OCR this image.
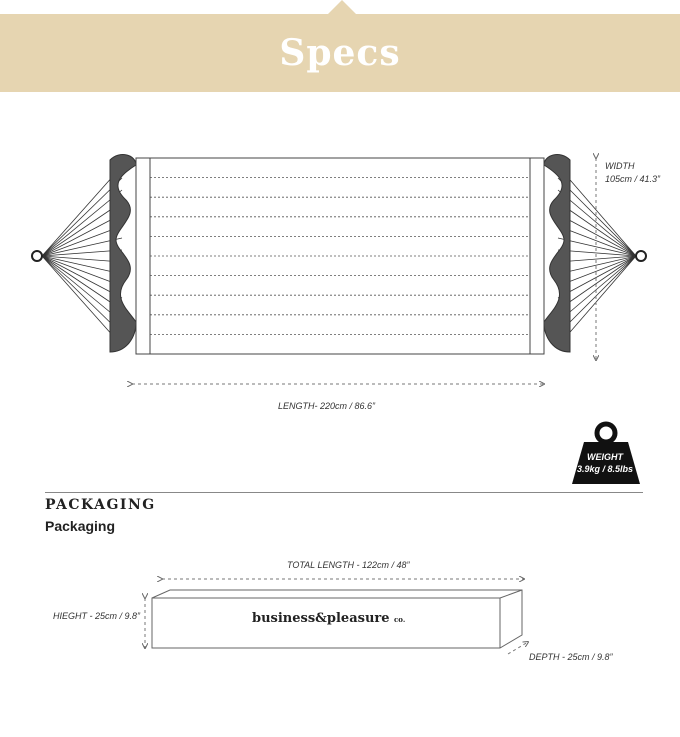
Specs
WIDTH
105cm / 41.3”
LENGTH- 220cm / 86.6”
WEIGHT
3.9kg / 8.5lbs
PACKAGING
Packaging
TOTAL LENGTH - 122cm / 48”
HIEGHT - 25cm / 9.8”
DEPTH - 25cm / 9.8”
business&pleasure co.
